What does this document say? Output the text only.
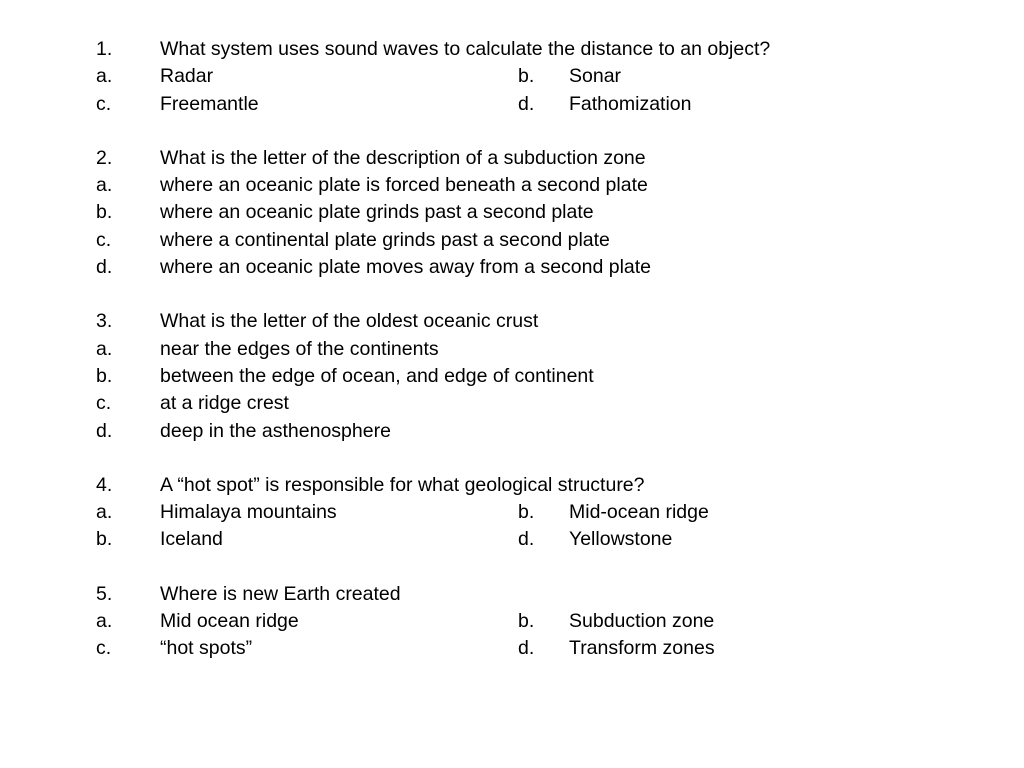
1. What system uses sound waves to calculate the distance to an object?
a. Radar	b. Sonar
c.	Freemantle	d. Fathomization
2. What is the letter of the description of a subduction zone
a. where an oceanic plate is forced beneath a second plate
b. where an oceanic plate grinds past a second plate
c.	where a continental plate grinds past a second plate
d. where an oceanic plate moves away from a second plate
3. What is the letter of the oldest oceanic crust
a. near the edges of the continents
b. between the edge of ocean, and edge of continent
c.	at a ridge crest
d. deep in the asthenosphere
4. A “hot spot” is responsible for what geological structure?
a. Himalaya mountains	b. Mid-ocean ridge
b. Iceland	d. Yellowstone
5. Where is new Earth created
a. Mid ocean ridge	b. Subduction zone
c.	“hot spots”	d. Transform zones
